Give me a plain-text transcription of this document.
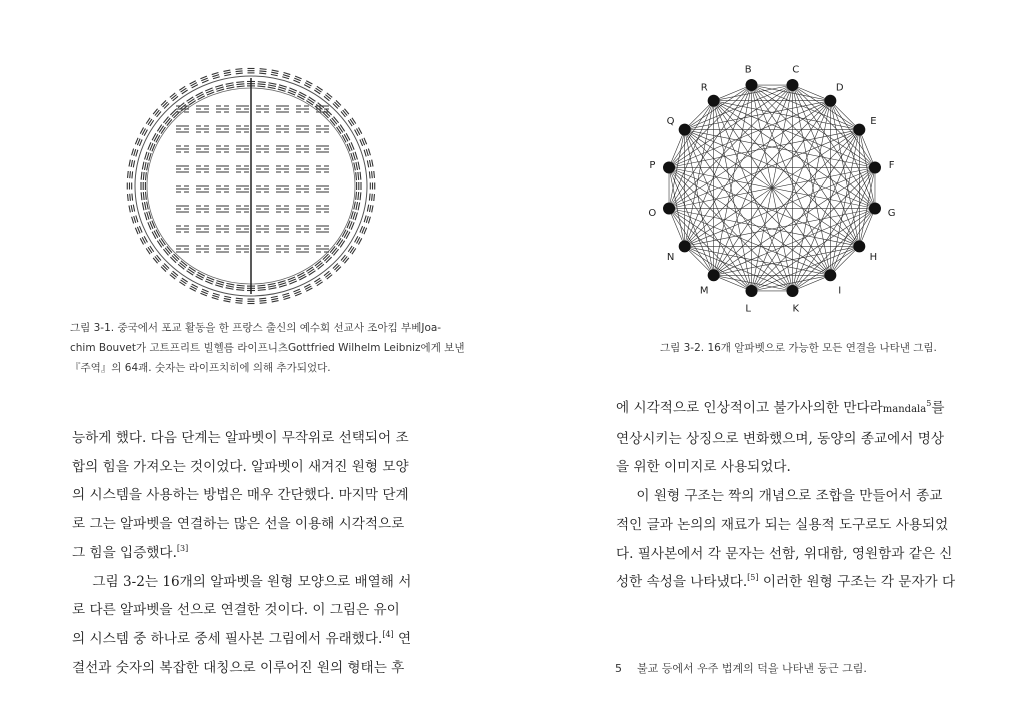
그림 3-1. 중국에서 포교 활동을 한 프랑스 출신의 예수회 선교사 조아킴 부베Joa-
chim Bouvet가 고트프리트 빌헬름 라이프니츠Gottfried Wilhelm Leibniz에게 보낸
『주역』의 64괘. 숫자는 라이프치히에 의해 추가되었다.
능하게 했다. 다음 단계는 알파벳이 무작위로 선택되어 조
합의 힘을 가져오는 것이었다. 알파벳이 새겨진 원형 모양
의 시스템을 사용하는 방법은 매우 간단했다. 마지막 단계
로 그는 알파벳을 연결하는 많은 선을 이용해 시각적으로
그 힘을 입증했다.[3]
그림 3-2는 16개의 알파벳을 원형 모양으로 배열해 서
로 다른 알파벳을 선으로 연결한 것이다. 이 그림은 유이
의 시스템 중 하나로 중세 필사본 그림에서 유래했다.[4] 연
결선과 숫자의 복잡한 대칭으로 이루어진 원의 형태는 후
B	C
D
E
F
G
H
I
K
L
M
N
O
P
Q
R
그림 3-2. 16개 알파벳으로 가능한 모든 연결을 나타낸 그림.
에 시각적으로 인상적이고 불가사의한 만다라mandala$^5$를
연상시키는 상징으로 변화했으며, 동양의 종교에서 명상
을 위한 이미지로 사용되었다.
이 원형 구조는 짝의 개념으로 조합을 만들어서 종교
적인 글과 논의의 재료가 되는 실용적 도구로도 사용되었
다. 필사본에서 각 문자는 선함, 위대함, 영원함과 같은 신
성한 속성을 나타냈다.[5] 이러한 원형 구조는 각 문자가 다
5 불교 등에서 우주 법계의 덕을 나타낸 둥근 그림.
